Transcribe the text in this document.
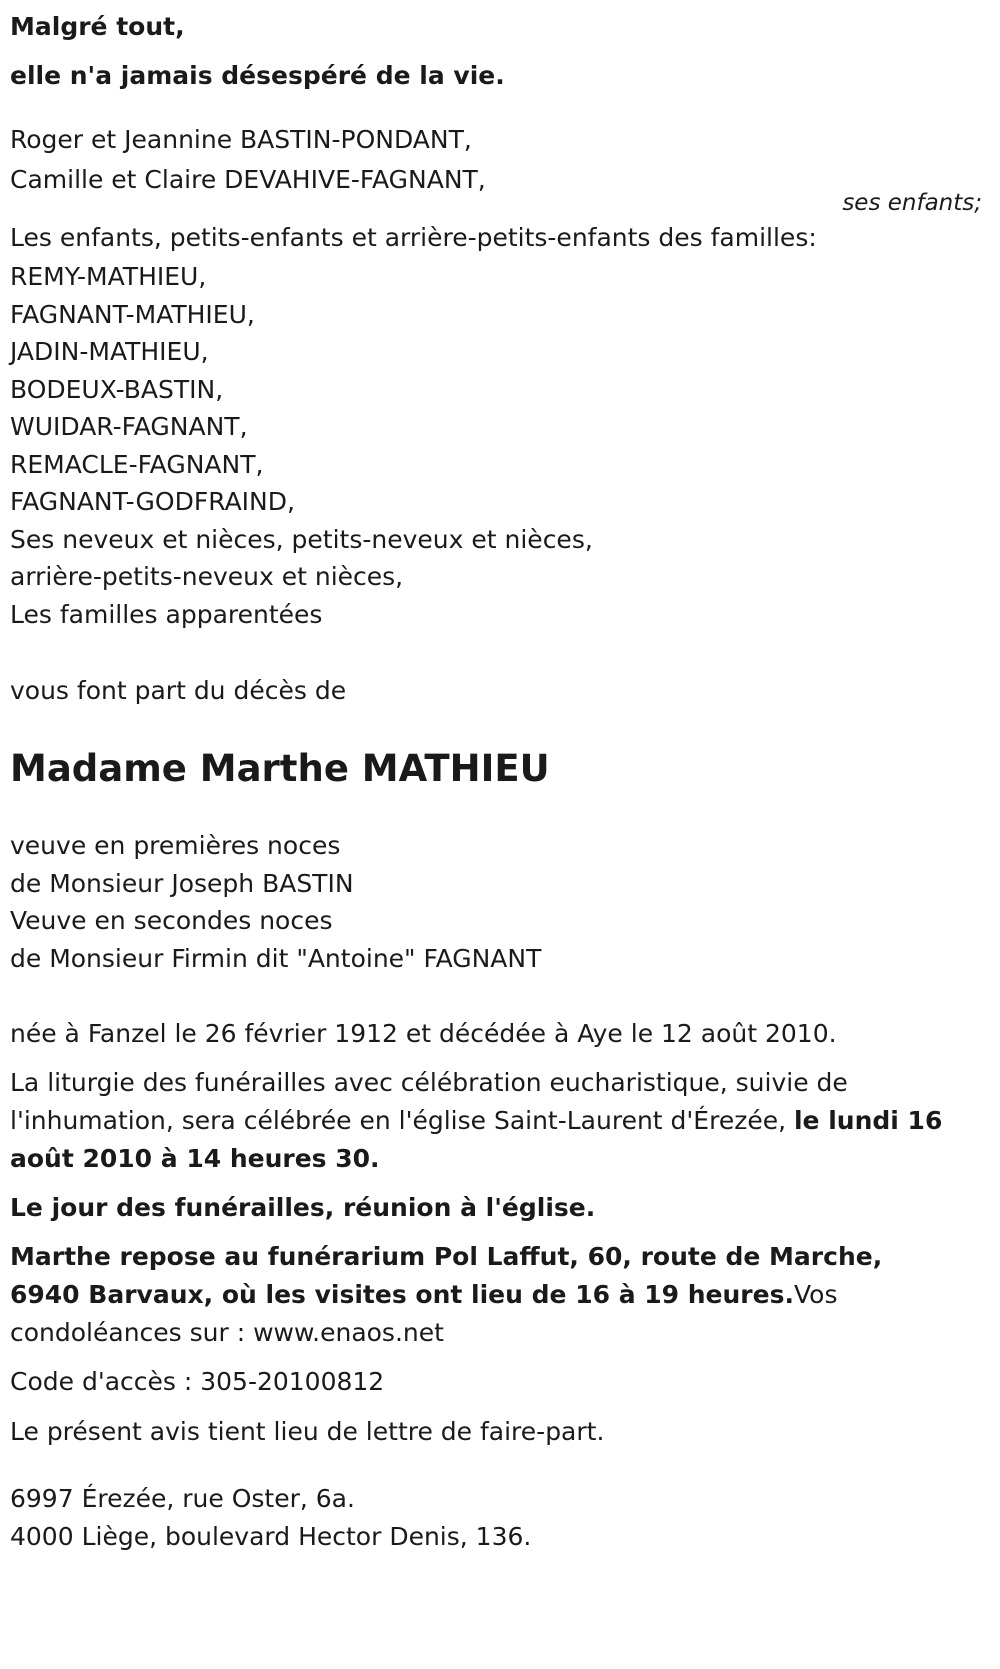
Malgré tout,
elle n'a jamais désespéré de la vie.
Roger et Jeannine BASTIN-PONDANT,
Camille et Claire DEVAHIVE-FAGNANT,
ses enfants;
Les enfants, petits-enfants et arrière-petits-enfants des familles:
REMY-MATHIEU,
FAGNANT-MATHIEU,
JADIN-MATHIEU,
BODEUX-BASTIN,
WUIDAR-FAGNANT,
REMACLE-FAGNANT,
FAGNANT-GODFRAIND,
Ses neveux et nièces, petits-neveux et nièces,
arrière-petits-neveux et nièces,
Les familles apparentées
vous font part du décès de
Madame Marthe MATHIEU
veuve en premières noces
de Monsieur Joseph BASTIN
Veuve en secondes noces
de Monsieur Firmin dit "Antoine" FAGNANT
née à Fanzel le 26 février 1912 et décédée à Aye le 12 août 2010.

La liturgie des funérailles avec célébration eucharistique, suivie de l'inhumation, sera célébrée en l'église Saint-Laurent d'Érezée, le lundi 16 août 2010 à 14 heures 30.

Le jour des funérailles, réunion à l'église.

Marthe repose au funérarium Pol Laffut, 60, route de Marche, 6940 Barvaux, où les visites ont lieu de 16 à 19 heures.Vos condoléances sur : www.enaos.net

Code d'accès : 305-20100812

Le présent avis tient lieu de lettre de faire-part.

6997 Érezée, rue Oster, 6a.
4000 Liège, boulevard Hector Denis, 136.
